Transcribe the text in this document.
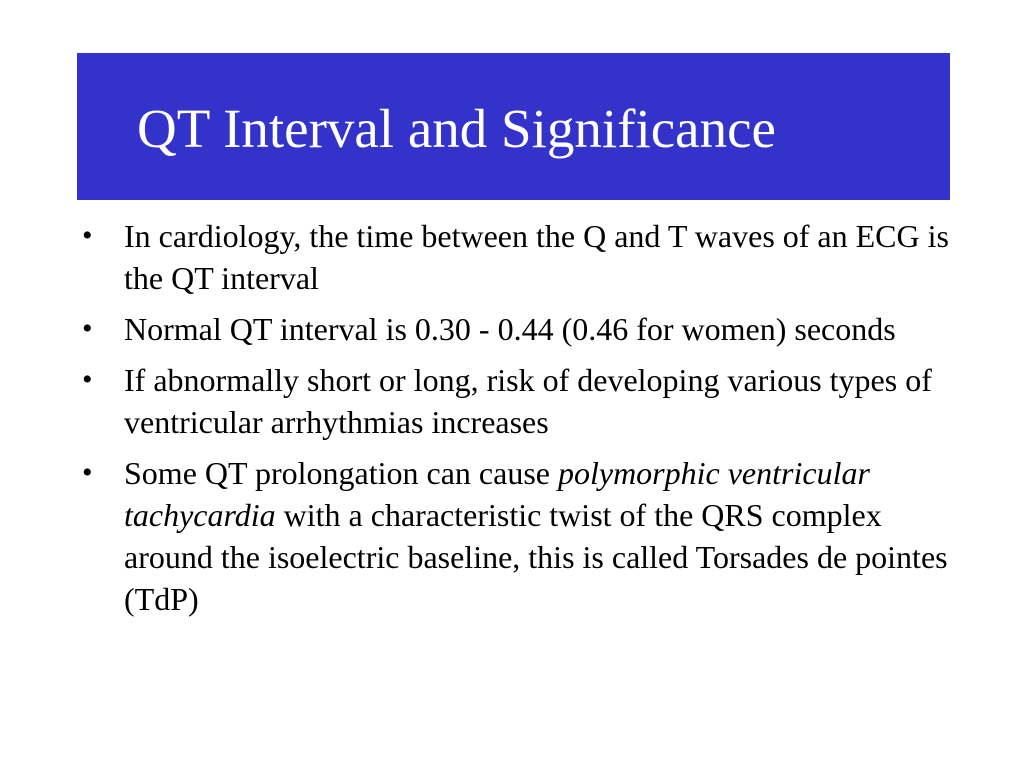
QT Interval and Significance
• In cardiology, the time between the Q and T waves of an ECG is the QT interval
• Normal QT interval is 0.30 - 0.44 (0.46 for women) seconds
• If abnormally short or long, risk of developing various types of ventricular arrhythmias increases
• Some QT prolongation can cause polymorphic ventricular tachycardia with a characteristic twist of the QRS complex around the isoelectric baseline, this is called Torsades de pointes (TdP)
